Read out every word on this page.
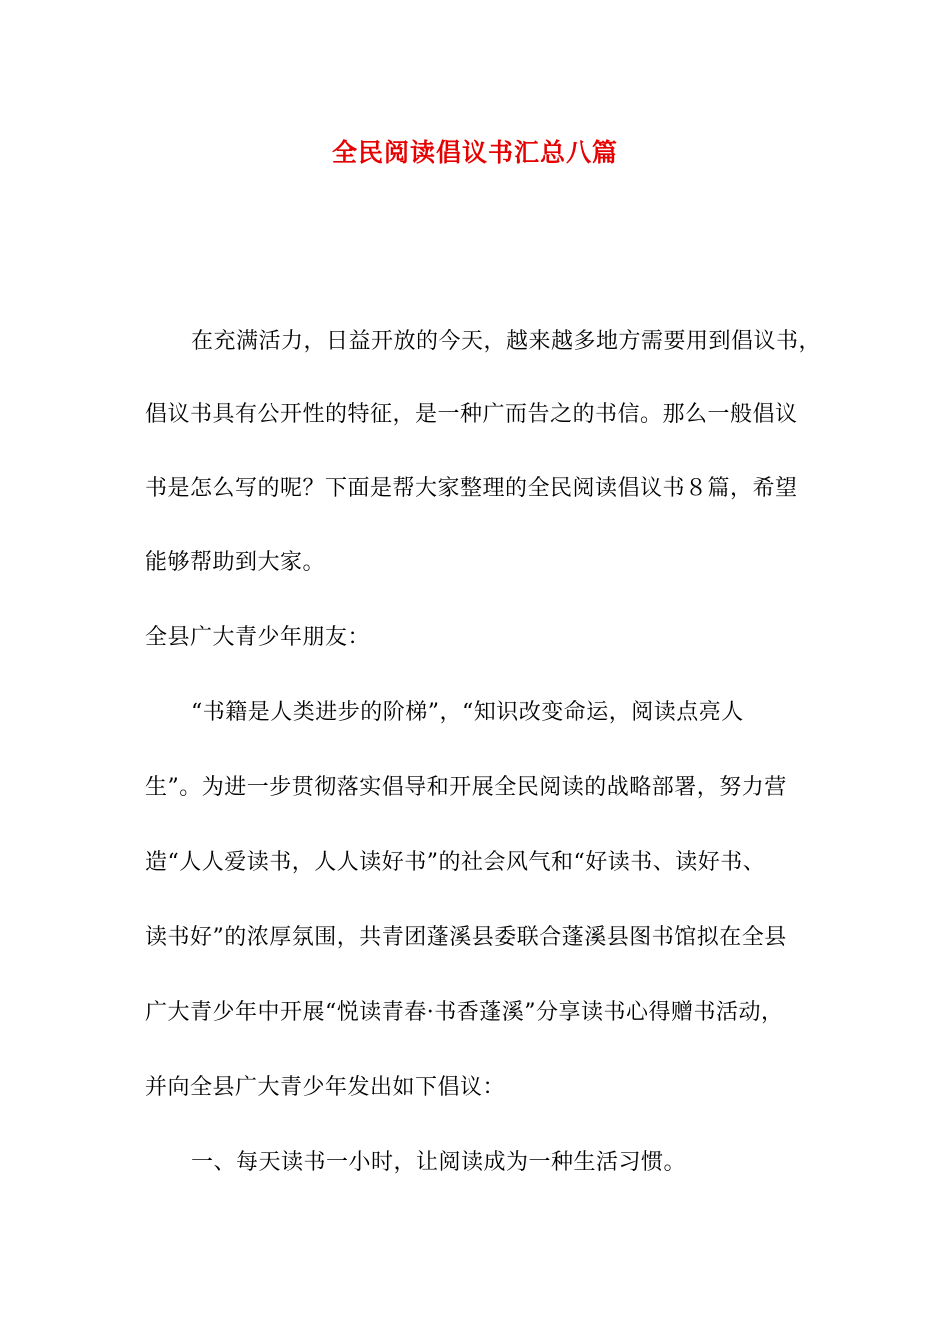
全民阅读倡议书汇总八篇

在充满活力，日益开放的今天，越来越多地方需要用到倡议书，

倡议书具有公开性的特征，是一种广而告之的书信。那么一般倡议

书是怎么写的呢？下面是帮大家整理的全民阅读倡议书８篇，希望

能够帮助到大家。

全县广大青少年朋友：

“书籍是人类进步的阶梯”，“知识改变命运，阅读点亮人

生”。为进一步贯彻落实倡导和开展全民阅读的战略部署，努力营

造“人人爱读书，人人读好书”的社会风气和“好读书、读好书、

读书好”的浓厚氛围，共青团蓬溪县委联合蓬溪县图书馆拟在全县

广大青少年中开展“悦读青春·书香蓬溪”分享读书心得赠书活动，

并向全县广大青少年发出如下倡议：

一、每天读书一小时，让阅读成为一种生活习惯。
